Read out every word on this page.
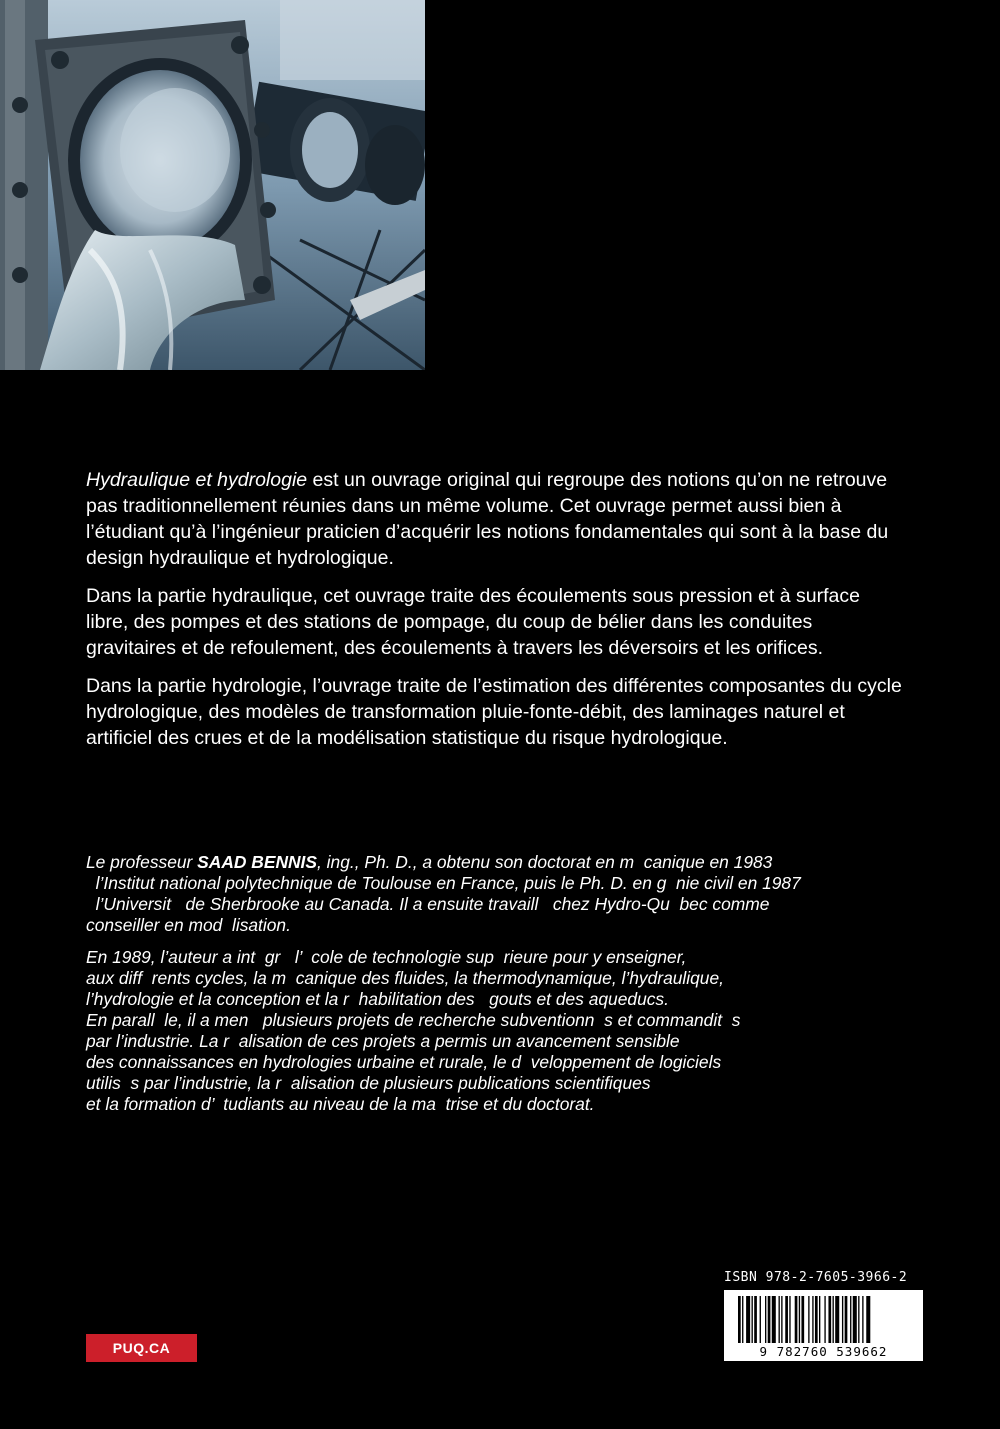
Hydraulique et hydrologie est un ouvrage original qui regroupe des notions qu’on ne retrouve pas traditionnellement réunies dans un même volume. Cet ouvrage permet aussi bien à l’étudiant qu’à l’ingénieur praticien d’acquérir les notions fondamentales qui sont à la base du design hydraulique et hydrologique.

Dans la partie hydraulique, cet ouvrage traite des écoulements sous pression et à surface libre, des pompes et des stations de pompage, du coup de bélier dans les conduites gravitaires et de refoulement, des écoulements à travers les déversoirs et les orifices.

Dans la partie hydrologie, l’ouvrage traite de l’estimation des différentes composantes du cycle hydrologique, des modèles de transformation pluie-fonte-débit, des laminages naturel et artificiel des crues et de la modélisation statistique du risque hydrologique.

Le professeur SAAD BENNIS, ing., Ph. D., a obtenu son doctorat en m  canique en 1983
l’Institut national polytechnique de Toulouse en France, puis le Ph. D. en g  nie civil en 1987
l’Universit   de Sherbrooke au Canada. Il a ensuite travaill   chez Hydro-Qu  bec comme
conseiller en mod  lisation.

En 1989, l’auteur a int  gr   l’  cole de technologie sup  rieure pour y enseigner,
aux diff  rents cycles, la m  canique des fluides, la thermodynamique, l’hydraulique,
l’hydrologie et la conception et la r  habilitation des   gouts et des aqueducs.
En parall  le, il a men   plusieurs projets de recherche subventionn  s et commandit  s
par l’industrie. La r  alisation de ces projets a permis un avancement sensible
des connaissances en hydrologies urbaine et rurale, le d  veloppement de logiciels
utilis  s par l’industrie, la r  alisation de plusieurs publications scientifiques
et la formation d’  tudiants au niveau de la ma  trise et du doctorat.

ISBN 978-2-7605-3966-2
9 782760 539662
PUQ.CA
